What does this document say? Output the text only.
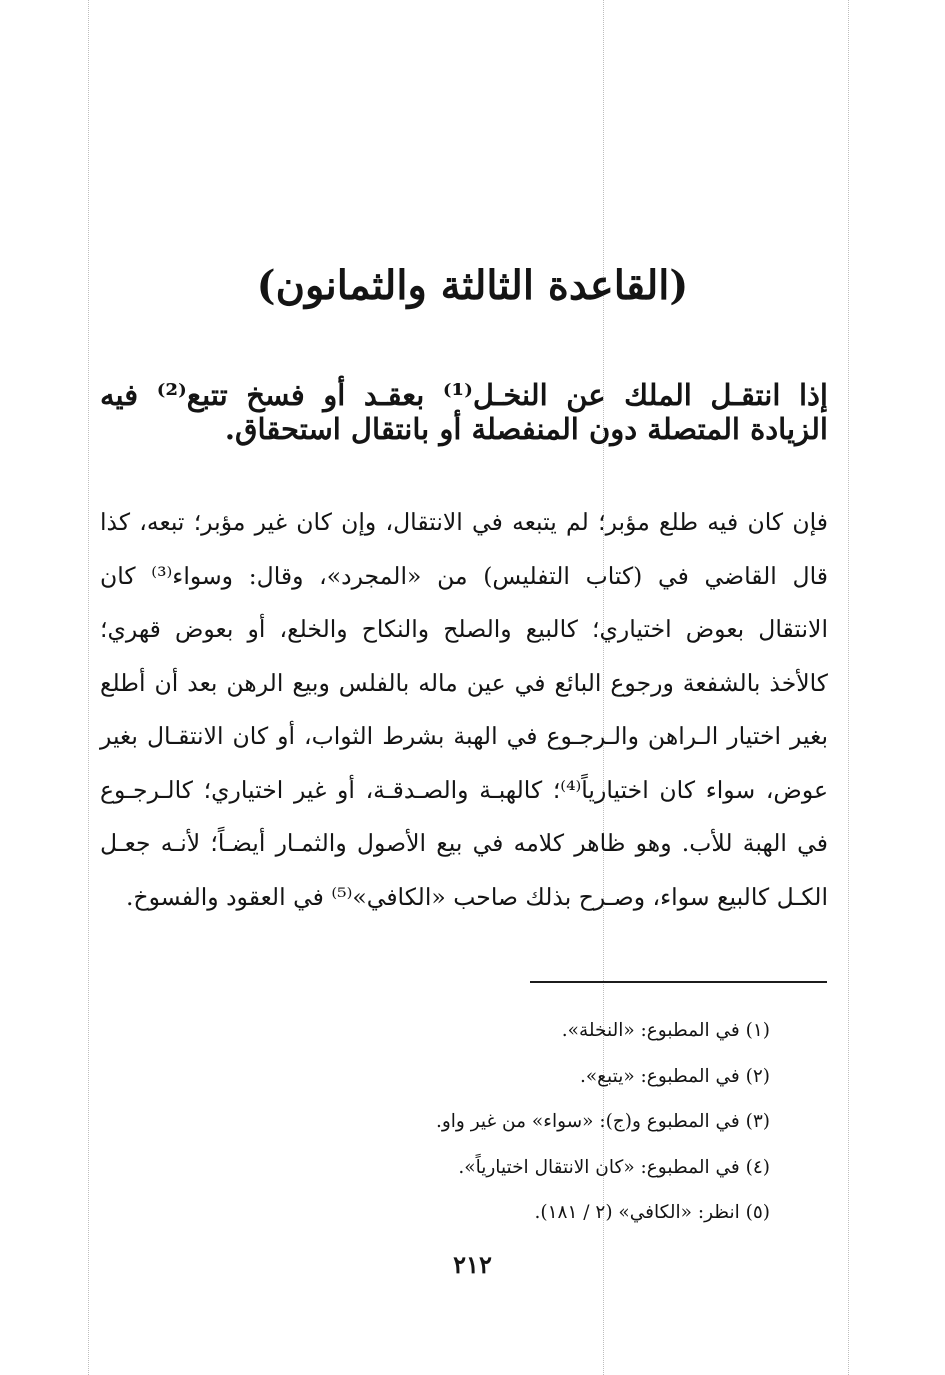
(القاعدة الثالثة والثمانون)

إذا انتقـل الملك عن النخـل⁽¹⁾ بعقـد أو فسخ تتبع⁽²⁾ فيه الزيادة المتصلة دون المنفصلة أو بانتقال استحقاق.

فإن كان فيه طلع مؤبر؛ لم يتبعه في الانتقال، وإن كان غير مؤبر؛ تبعه، كذا قال القاضي في (كتاب التفليس) من «المجرد»، وقال: وسواء⁽³⁾ كان الانتقال بعوض اختياري؛ كالبيع والصلح والنكاح والخلع، أو بعوض قهري؛ كالأخذ بالشفعة ورجوع البائع في عين ماله بالفلس وبيع الرهن بعد أن أطلع بغير اختيار الـراهن والـرجـوع في الهبة بشرط الثواب، أو كان الانتقـال بغير عوض، سواء كان اختيارياً⁽⁴⁾؛ كالهبـة والصـدقـة، أو غير اختياري؛ كالـرجـوع في الهبة للأب. وهو ظاهر كلامه في بيع الأصول والثمـار أيضـاً؛ لأنـه جعـل الكـل كالبيع سواء، وصـرح بذلك صاحب «الكافي»⁽⁵⁾ في العقود والفسوخ.

(١) في المطبوع: «النخلة».
(٢) في المطبوع: «يتبع».
(٣) في المطبوع و(ج): «سواء» من غير واو.
(٤) في المطبوع: «كان الانتقال اختيارياً».
(٥) انظر: «الكافي» (٢ / ١٨١).
٢١٢
